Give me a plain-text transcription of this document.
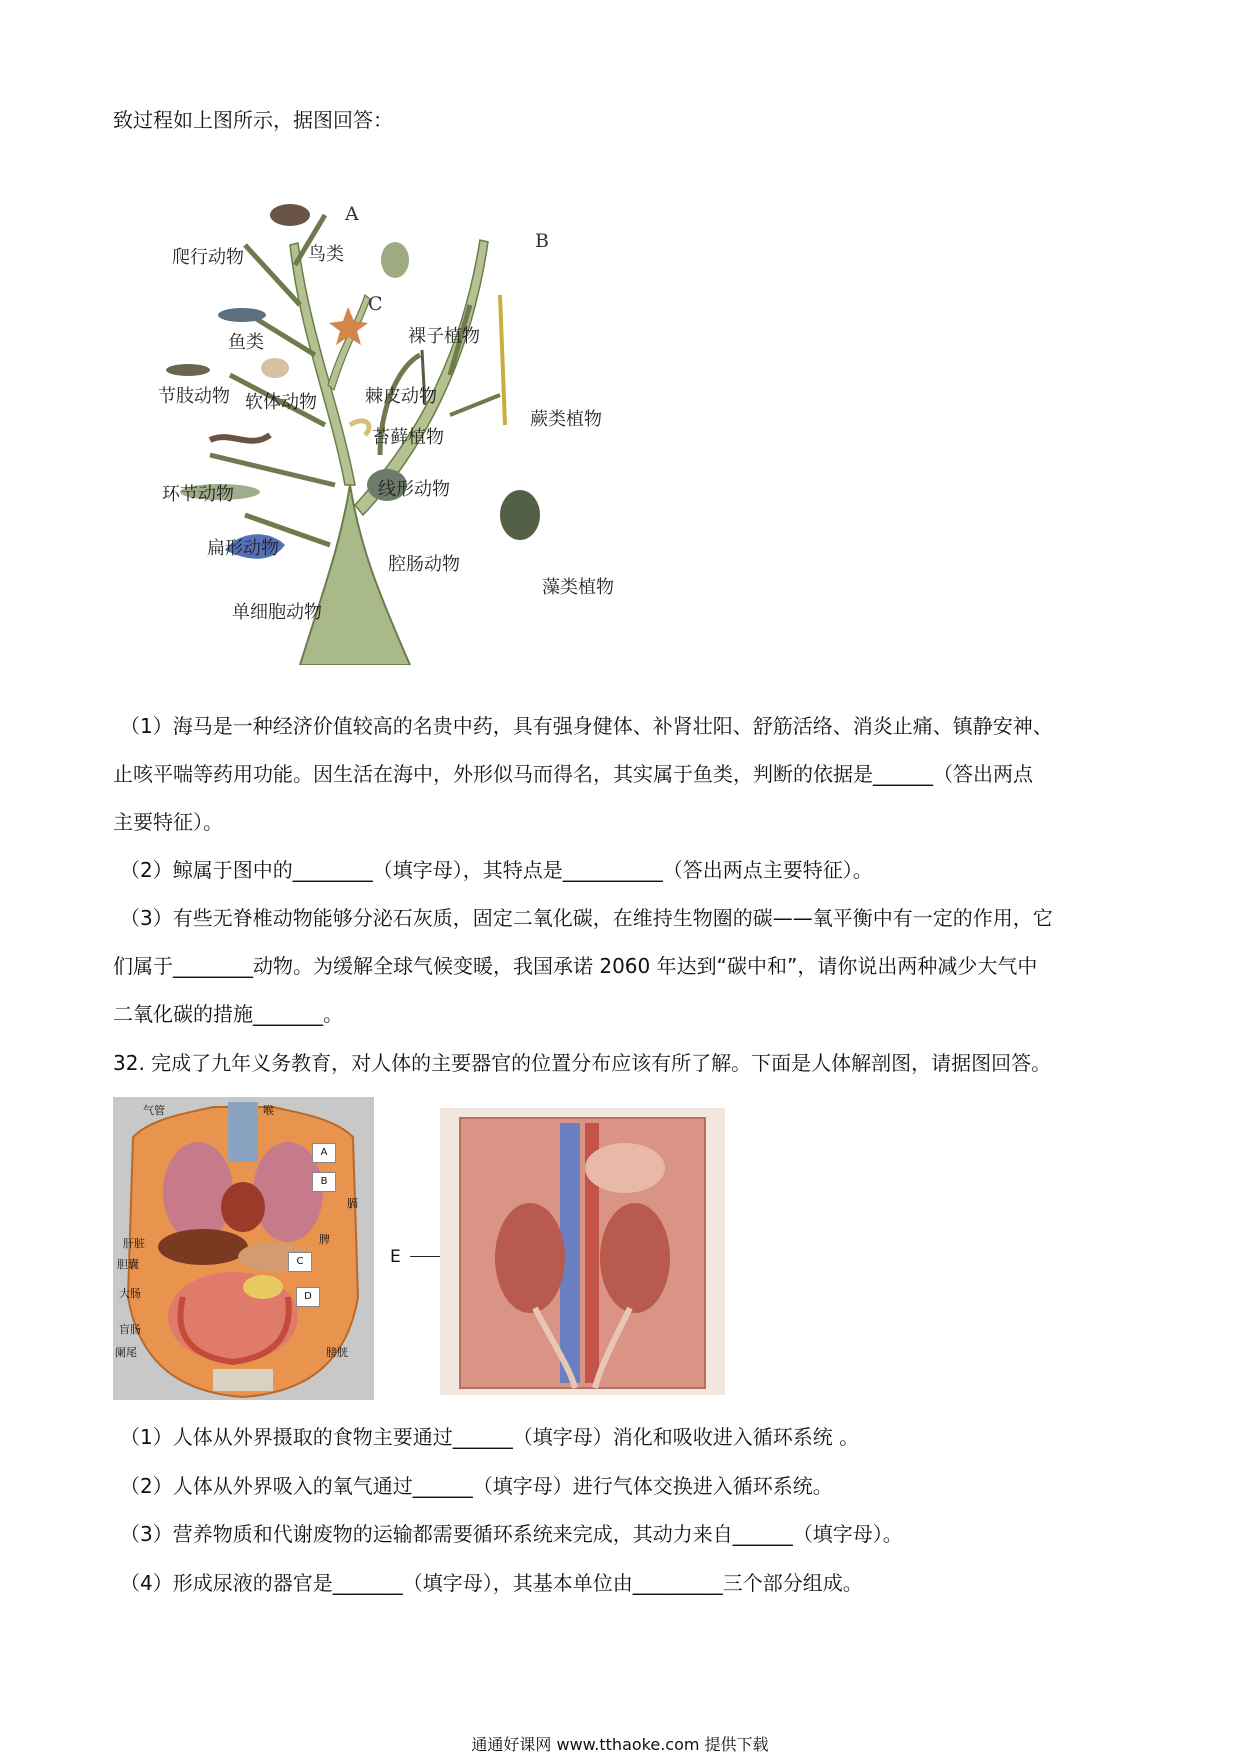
致过程如上图所示，据图回答：
A
B
C
爬行动物	鸟类
鱼类	裸子植物
节肢动物 软体动物	棘皮动物
蕨类植物
苔藓植物
环节动物	线形动物
扁形动物
腔肠动物
藻类植物
单细胞动物
（1）海马是一种经济价值较高的名贵中药，具有强身健体、补肾壮阳、舒筋活络、消炎止痛、镇静安神、
止咳平喘等药用功能。因生活在海中，外形似马而得名，其实属于鱼类，判断的依据是______（答出两点
主要特征）。
（2）鲸属于图中的________（填字母），其特点是__________（答出两点主要特征）。
（3）有些无脊椎动物能够分泌石灰质，固定二氧化碳，在维持生物圈的碳——氧平衡中有一定的作用，它
们属于________动物。为缓解全球气候变暖，我国承诺 2060 年达到“碳中和”，请你说出两种减少大气中
二氧化碳的措施_______。
32. 完成了九年义务教育，对人体的主要器官的位置分布应该有所了解。下面是人体解剖图，请据图回答。
气管	喉
A
B
膈
肝脏	脾
胆囊	C
大肠	D
盲肠
阑尾	膀胱
E
（1）人体从外界摄取的食物主要通过______（填字母）消化和吸收进入循环系统 。
（2）人体从外界吸入的氧气通过______（填字母）进行气体交换进入循环系统。
（3）营养物质和代谢废物的运输都需要循环系统来完成，其动力来自______（填字母）。
（4）形成尿液的器官是_______（填字母），其基本单位由_________三个部分组成。
通通好课网 www.tthaoke.com 提供下载
